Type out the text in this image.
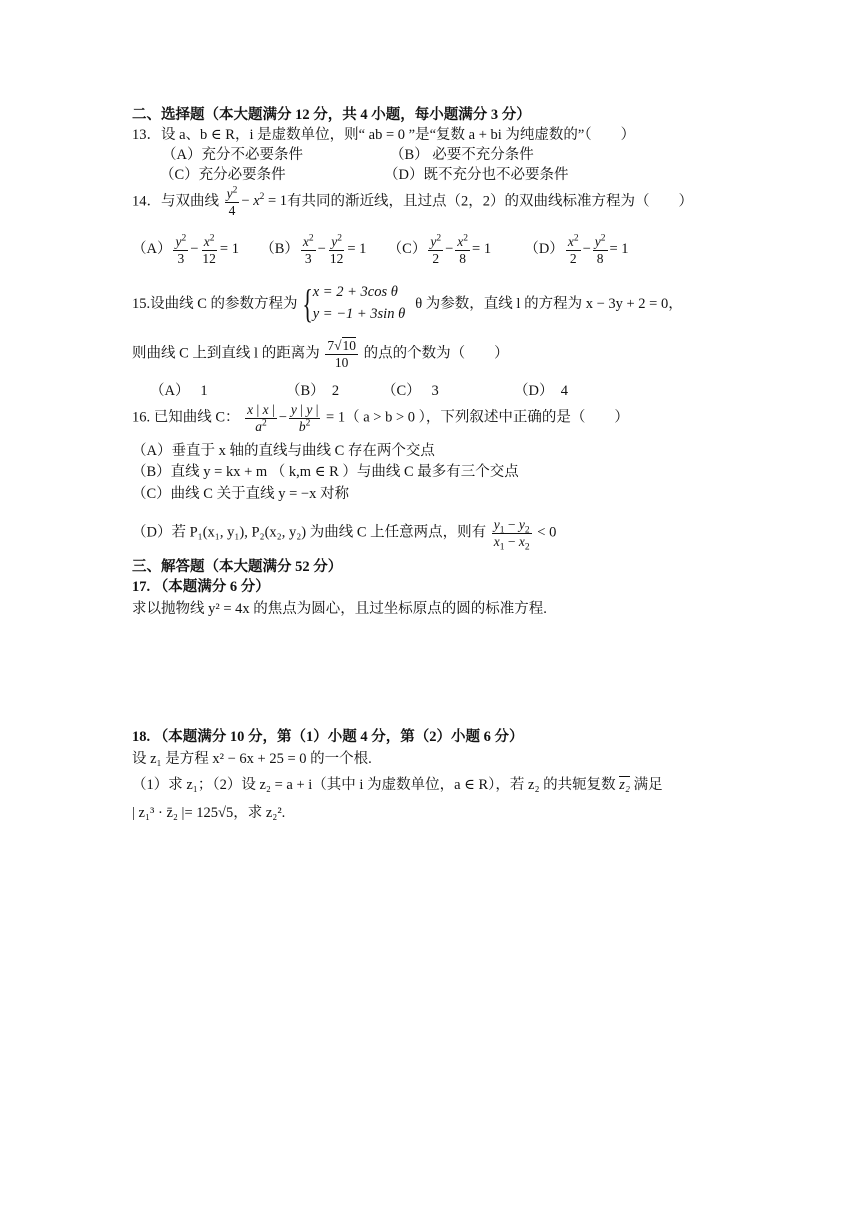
二、选择题（本大题满分 12 分，共 4 小题，每小题满分 3 分）
13．设 a、b ∈ R，i 是虚数单位，则“ ab = 0 ”是“复数 a + bi 为纯虚数的”（　　）
（A）充分不必要条件	（B） 必要不充分条件
（C）充分必要条件	（D）既不充分也不必要条件
14．与双曲线 $\frac{y^2}{4} - x^2 = 1$有共同的渐近线，且过点（2，2）的双曲线标准方程为（　　）
$(A) \frac{y^2}{3} - \frac{x^2}{12} = 1$ $(B) \frac{x^2}{3} - \frac{y^2}{12} = 1$ $(C) \frac{y^2}{2} - \frac{x^2}{8} = 1$ $(D) \frac{x^2}{2} - \frac{y^2}{8} = 1$
15. 设曲线 C 的参数方程为 { x = 2 + 3cos θ
y = −1 + 3sin θ
θ 为参数，直线 l 的方程为 x − 3y + 2 = 0，
则曲线 C 上到直线 l 的距离为 $\frac{7√10}{10}$ 的点的个数为（　　）
（A）　 1	（B）　2	（C）　 3	（D）　4
16. 已知曲线 C： $\frac{x | x |}{a^2} - \frac{y | y |}{b^2} = 1$（ a > b > 0 ），下列叙述中正确的是（　　）
（A）垂直于 x 轴的直线与曲线 C 存在两个交点
（B）直线 y = kx + m （ k,m ∈ R ）与曲线 C 最多有三个交点
（C）曲线 C 关于直线 y = −x 对称
（D）若 P₁(x₁, y₁), P₂(x₂, y₂) 为曲线 C 上任意两点，则有 $\frac{y_1 - y_2}{x_1 - x_2} < 0$
三、解答题（本大题满分 52 分）
17. （本题满分 6 分）
求以抛物线 y² = 4x 的焦点为圆心，且过坐标原点的圆的标准方程.
18. （本题满分 10 分，第（1）小题 4 分，第（2）小题 6 分）
设 z₁ 是方程 x² − 6x + 25 = 0 的一个根.
（1）求 z₁；（2）设 z₂ = a + i（其中 i 为虚数单位，a ∈ R），若 z₂ 的共轭复数 z₂ 满足
| z₁³ · z̄₂ |= 125√5，求 z₂².
